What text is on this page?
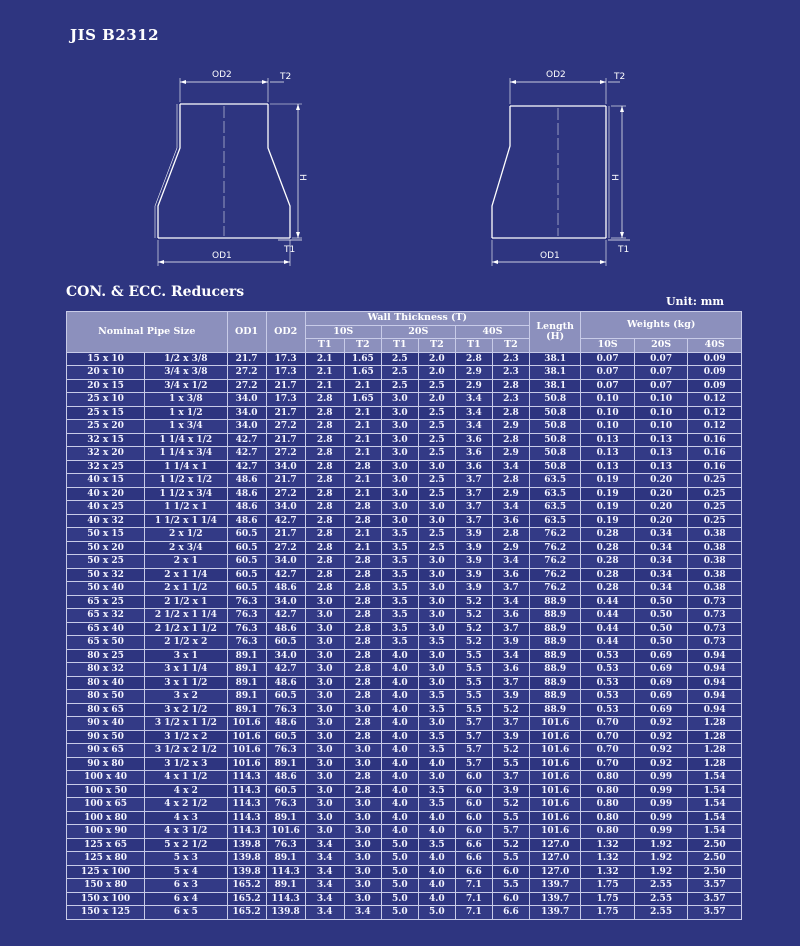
JIS B2312
OD2	T2
H
OD1
T1
OD2	T2
H
OD1
T1
CON. & ECC. Reducers
Unit: mm
Nominal Pipe Size		OD1	OD2	Wall Thickness (T)						Length (H)	Weights (kg)		
				10S		20S		40S					
				T1	T2	T1	T2	T1	T2		10S	20S	40S
15 x 10	1/2 x 3/8	21.7	17.3	2.1	1.65	2.5	2.0	2.8	2.3	38.1	0.07	0.07	0.09
20 x 10	3/4 x 3/8	27.2	17.3	2.1	1.65	2.5	2.0	2.9	2.3	38.1	0.07	0.07	0.09
20 x 15	3/4 x 1/2	27.2	21.7	2.1	2.1	2.5	2.5	2.9	2.8	38.1	0.07	0.07	0.09
25 x 10	1 x 3/8	34.0	17.3	2.8	1.65	3.0	2.0	3.4	2.3	50.8	0.10	0.10	0.12
25 x 15	1 x 1/2	34.0	21.7	2.8	2.1	3.0	2.5	3.4	2.8	50.8	0.10	0.10	0.12
25 x 20	1 x 3/4	34.0	27.2	2.8	2.1	3.0	2.5	3.4	2.9	50.8	0.10	0.10	0.12
32 x 15	1 1/4 x 1/2	42.7	21.7	2.8	2.1	3.0	2.5	3.6	2.8	50.8	0.13	0.13	0.16
32 x 20	1 1/4 x 3/4	42.7	27.2	2.8	2.1	3.0	2.5	3.6	2.9	50.8	0.13	0.13	0.16
32 x 25	1 1/4 x 1	42.7	34.0	2.8	2.8	3.0	3.0	3.6	3.4	50.8	0.13	0.13	0.16
40 x 15	1 1/2 x 1/2	48.6	21.7	2.8	2.1	3.0	2.5	3.7	2.8	63.5	0.19	0.20	0.25
40 x 20	1 1/2 x 3/4	48.6	27.2	2.8	2.1	3.0	2.5	3.7	2.9	63.5	0.19	0.20	0.25
40 x 25	1 1/2 x 1	48.6	34.0	2.8	2.8	3.0	3.0	3.7	3.4	63.5	0.19	0.20	0.25
40 x 32	1 1/2 x 1 1/4	48.6	42.7	2.8	2.8	3.0	3.0	3.7	3.6	63.5	0.19	0.20	0.25
50 x 15	2 x 1/2	60.5	21.7	2.8	2.1	3.5	2.5	3.9	2.8	76.2	0.28	0.34	0.38
50 x 20	2 x 3/4	60.5	27.2	2.8	2.1	3.5	2.5	3.9	2.9	76.2	0.28	0.34	0.38
50 x 25	2 x 1	60.5	34.0	2.8	2.8	3.5	3.0	3.9	3.4	76.2	0.28	0.34	0.38
50 x 32	2 x 1 1/4	60.5	42.7	2.8	2.8	3.5	3.0	3.9	3.6	76.2	0.28	0.34	0.38
50 x 40	2 x 1 1/2	60.5	48.6	2.8	2.8	3.5	3.0	3.9	3.7	76.2	0.28	0.34	0.38
65 x 25	2 1/2 x 1	76.3	34.0	3.0	2.8	3.5	3.0	5.2	3.4	88.9	0.44	0.50	0.73
65 x 32	2 1/2 x 1 1/4	76.3	42.7	3.0	2.8	3.5	3.0	5.2	3.6	88.9	0.44	0.50	0.73
65 x 40	2 1/2 x 1 1/2	76.3	48.6	3.0	2.8	3.5	3.0	5.2	3.7	88.9	0.44	0.50	0.73
65 x 50	2 1/2 x 2	76.3	60.5	3.0	2.8	3.5	3.5	5.2	3.9	88.9	0.44	0.50	0.73
80 x 25	3 x 1	89.1	34.0	3.0	2.8	4.0	3.0	5.5	3.4	88.9	0.53	0.69	0.94
80 x 32	3 x 1 1/4	89.1	42.7	3.0	2.8	4.0	3.0	5.5	3.6	88.9	0.53	0.69	0.94
80 x 40	3 x 1 1/2	89.1	48.6	3.0	2.8	4.0	3.0	5.5	3.7	88.9	0.53	0.69	0.94
80 x 50	3 x 2	89.1	60.5	3.0	2.8	4.0	3.5	5.5	3.9	88.9	0.53	0.69	0.94
80 x 65	3 x 2 1/2	89.1	76.3	3.0	3.0	4.0	3.5	5.5	5.2	88.9	0.53	0.69	0.94
90 x 40	3 1/2 x 1 1/2	101.6	48.6	3.0	2.8	4.0	3.0	5.7	3.7	101.6	0.70	0.92	1.28
90 x 50	3 1/2 x 2	101.6	60.5	3.0	2.8	4.0	3.5	5.7	3.9	101.6	0.70	0.92	1.28
90 x 65	3 1/2 x 2 1/2	101.6	76.3	3.0	3.0	4.0	3.5	5.7	5.2	101.6	0.70	0.92	1.28
90 x 80	3 1/2 x 3	101.6	89.1	3.0	3.0	4.0	4.0	5.7	5.5	101.6	0.70	0.92	1.28
100 x 40	4 x 1 1/2	114.3	48.6	3.0	2.8	4.0	3.0	6.0	3.7	101.6	0.80	0.99	1.54
100 x 50	4 x 2	114.3	60.5	3.0	2.8	4.0	3.5	6.0	3.9	101.6	0.80	0.99	1.54
100 x 65	4 x 2 1/2	114.3	76.3	3.0	3.0	4.0	3.5	6.0	5.2	101.6	0.80	0.99	1.54
100 x 80	4 x 3	114.3	89.1	3.0	3.0	4.0	4.0	6.0	5.5	101.6	0.80	0.99	1.54
100 x 90	4 x 3 1/2	114.3	101.6	3.0	3.0	4.0	4.0	6.0	5.7	101.6	0.80	0.99	1.54
125 x 65	5 x 2 1/2	139.8	76.3	3.4	3.0	5.0	3.5	6.6	5.2	127.0	1.32	1.92	2.50
125 x 80	5 x 3	139.8	89.1	3.4	3.0	5.0	4.0	6.6	5.5	127.0	1.32	1.92	2.50
125 x 100	5 x 4	139.8	114.3	3.4	3.0	5.0	4.0	6.6	6.0	127.0	1.32	1.92	2.50
150 x 80	6 x 3	165.2	89.1	3.4	3.0	5.0	4.0	7.1	5.5	139.7	1.75	2.55	3.57
150 x 100	6 x 4	165.2	114.3	3.4	3.0	5.0	4.0	7.1	6.0	139.7	1.75	2.55	3.57
150 x 125	6 x 5	165.2	139.8	3.4	3.4	5.0	5.0	7.1	6.6	139.7	1.75	2.55	3.57
